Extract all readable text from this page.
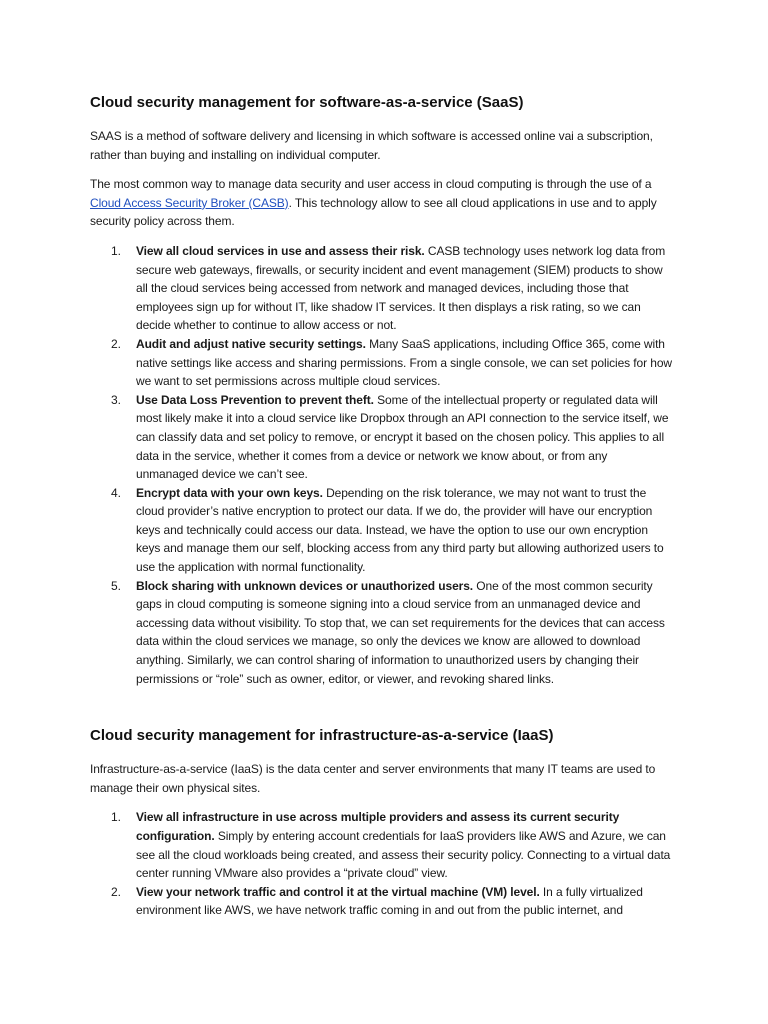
Cloud security management for software-as-a-service (SaaS)

SAAS is a method of software delivery and licensing in which software is accessed online vai a subscription, rather than buying and installing on individual computer.

The most common way to manage data security and user access in cloud computing is through the use of a Cloud Access Security Broker (CASB). This technology allow to see all cloud applications in use and to apply security policy across them.

1. View all cloud services in use and assess their risk. CASB technology uses network log data from secure web gateways, firewalls, or security incident and event management (SIEM) products to show all the cloud services being accessed from network and managed devices, including those that employees sign up for without IT, like shadow IT services. It then displays a risk rating, so we can decide whether to continue to allow access or not.
2. Audit and adjust native security settings. Many SaaS applications, including Office 365, come with native settings like access and sharing permissions. From a single console, we can set policies for how we want to set permissions across multiple cloud services.
3. Use Data Loss Prevention to prevent theft. Some of the intellectual property or regulated data will most likely make it into a cloud service like Dropbox through an API connection to the service itself, we can classify data and set policy to remove, or encrypt it based on the chosen policy. This applies to all data in the service, whether it comes from a device or network we know about, or from any unmanaged device we can’t see.
4. Encrypt data with your own keys. Depending on the risk tolerance, we may not want to trust the cloud provider’s native encryption to protect our data. If we do, the provider will have our encryption keys and technically could access our data. Instead, we have the option to use our own encryption keys and manage them our self, blocking access from any third party but allowing authorized users to use the application with normal functionality.
5. Block sharing with unknown devices or unauthorized users. One of the most common security gaps in cloud computing is someone signing into a cloud service from an unmanaged device and accessing data without visibility. To stop that, we can set requirements for the devices that can access data within the cloud services we manage, so only the devices we know are allowed to download anything. Similarly, we can control sharing of information to unauthorized users by changing their permissions or “role” such as owner, editor, or viewer, and revoking shared links.
Cloud security management for infrastructure-as-a-service (IaaS)

Infrastructure-as-a-service (IaaS) is the data center and server environments that many IT teams are used to manage their own physical sites.

1. View all infrastructure in use across multiple providers and assess its current security configuration. Simply by entering account credentials for IaaS providers like AWS and Azure, we can see all the cloud workloads being created, and assess their security policy. Connecting to a virtual data center running VMware also provides a “private cloud” view.
2. View your network traffic and control it at the virtual machine (VM) level. In a fully virtualized environment like AWS, we have network traffic coming in and out from the public internet, and
